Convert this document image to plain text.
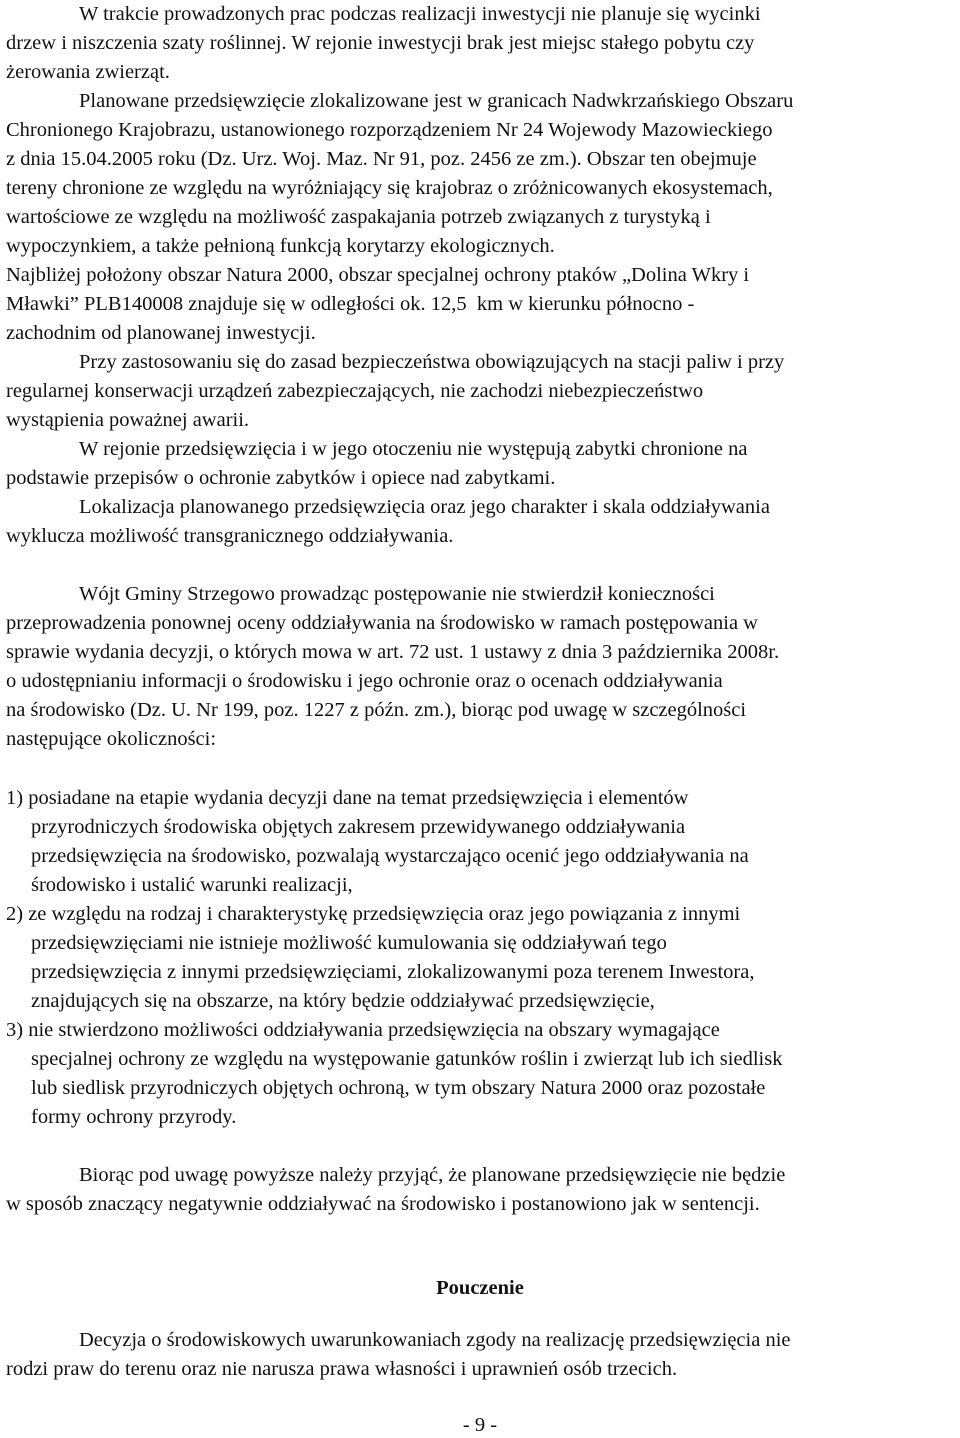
W trakcie prowadzonych prac podczas realizacji inwestycji nie planuje się wycinki
drzew i niszczenia szaty roślinnej. W rejonie inwestycji brak jest miejsc stałego pobytu czy
żerowania zwierząt.
Planowane przedsięwzięcie zlokalizowane jest w granicach Nadwkrzańskiego Obszaru
Chronionego Krajobrazu, ustanowionego rozporządzeniem Nr 24 Wojewody Mazowieckiego
z dnia 15.04.2005 roku (Dz. Urz. Woj. Maz. Nr 91, poz. 2456 ze zm.). Obszar ten obejmuje
tereny chronione ze względu na wyróżniający się krajobraz o zróżnicowanych ekosystemach,
wartościowe ze względu na możliwość zaspakajania potrzeb związanych z turystyką i
wypoczynkiem, a także pełnioną funkcją korytarzy ekologicznych.
Najbliżej położony obszar Natura 2000, obszar specjalnej ochrony ptaków „Dolina Wkry i
Mławki” PLB140008 znajduje się w odległości ok. 12,5  km w kierunku północno -
zachodnim od planowanej inwestycji.
Przy zastosowaniu się do zasad bezpieczeństwa obowiązujących na stacji paliw i przy
regularnej konserwacji urządzeń zabezpieczających, nie zachodzi niebezpieczeństwo
wystąpienia poważnej awarii.
W rejonie przedsięwzięcia i w jego otoczeniu nie występują zabytki chronione na
podstawie przepisów o ochronie zabytków i opiece nad zabytkami.
Lokalizacja planowanego przedsięwzięcia oraz jego charakter i skala oddziaływania
wyklucza możliwość transgranicznego oddziaływania.
Wójt Gminy Strzegowo prowadząc postępowanie nie stwierdził konieczności
przeprowadzenia ponownej oceny oddziaływania na środowisko w ramach postępowania w
sprawie wydania decyzji, o których mowa w art. 72 ust. 1 ustawy z dnia 3 października 2008r.
o udostępnianiu informacji o środowisku i jego ochronie oraz o ocenach oddziaływania
na środowisko (Dz. U. Nr 199, poz. 1227 z późn. zm.), biorąc pod uwagę w szczególności
następujące okoliczności:
1) posiadane na etapie wydania decyzji dane na temat przedsięwzięcia i elementów
przyrodniczych środowiska objętych zakresem przewidywanego oddziaływania
przedsięwzięcia na środowisko, pozwalają wystarczająco ocenić jego oddziaływania na
środowisko i ustalić warunki realizacji,
2) ze względu na rodzaj i charakterystykę przedsięwzięcia oraz jego powiązania z innymi
przedsięwzięciami nie istnieje możliwość kumulowania się oddziaływań tego
przedsięwzięcia z innymi przedsięwzięciami, zlokalizowanymi poza terenem Inwestora,
znajdujących się na obszarze, na który będzie oddziaływać przedsięwzięcie,
3) nie stwierdzono możliwości oddziaływania przedsięwzięcia na obszary wymagające
specjalnej ochrony ze względu na występowanie gatunków roślin i zwierząt lub ich siedlisk
lub siedlisk przyrodniczych objętych ochroną, w tym obszary Natura 2000 oraz pozostałe
formy ochrony przyrody.
Biorąc pod uwagę powyższe należy przyjąć, że planowane przedsięwzięcie nie będzie
w sposób znaczący negatywnie oddziaływać na środowisko i postanowiono jak w sentencji.
Pouczenie
Decyzja o środowiskowych uwarunkowaniach zgody na realizację przedsięwzięcia nie
rodzi praw do terenu oraz nie narusza prawa własności i uprawnień osób trzecich.
- 9 -
